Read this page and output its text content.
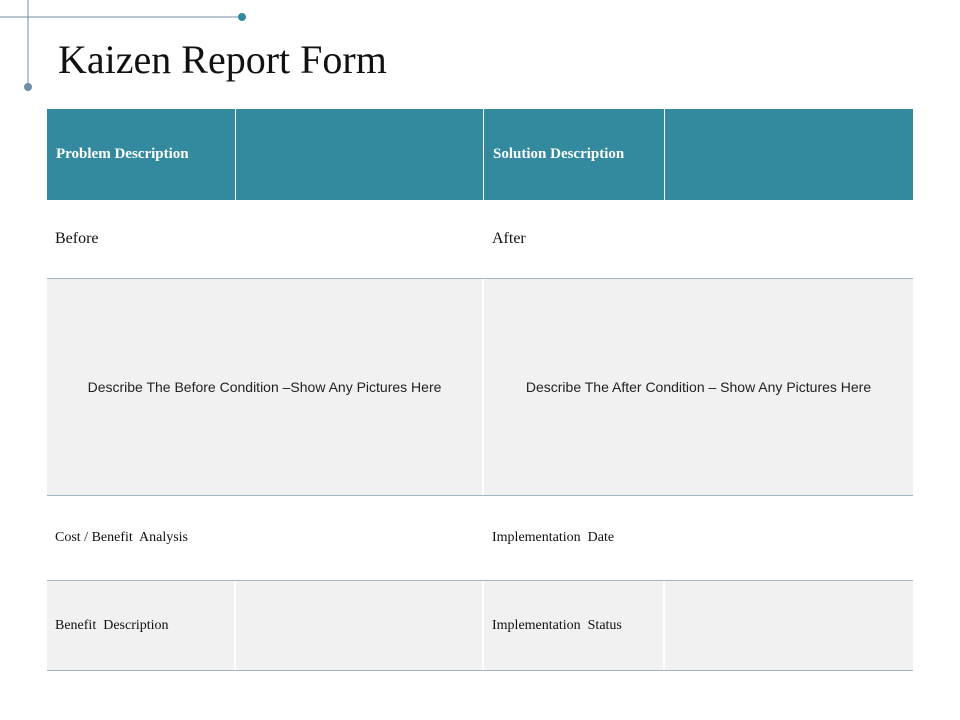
Kaizen Report Form
Problem Description	Solution Description
Before	After
Describe The Before Condition –Show Any Pictures Here	Describe The After Condition – Show Any Pictures Here
Cost / Benefit  Analysis	Implementation  Date
Benefit  Description	Implementation  Status
